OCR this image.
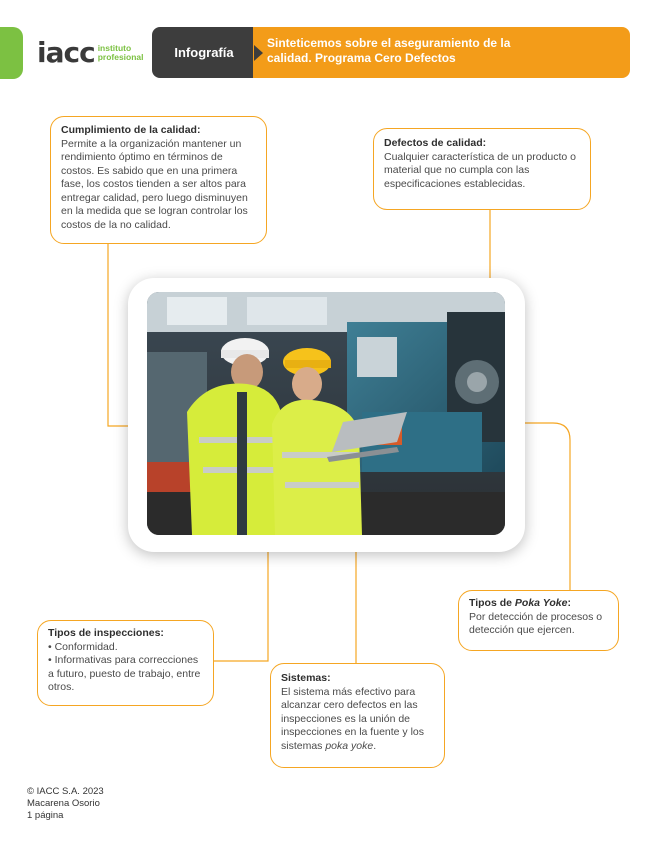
iacc instituto
profesional	Infografía
Sinteticemos sobre el aseguramiento de la
calidad. Programa Cero Defectos
Cumplimiento de la calidad:
Permite a la organización mantener un rendimiento óptimo en términos de costos. Es sabido que en una primera fase, los costos tienden a ser altos para entregar calidad, pero luego disminuyen en la medida que se logran controlar los costos de la no calidad.
Defectos de calidad:
Cualquier característica de un producto o material que no cumpla con las especificaciones establecidas.
Tipos de inspecciones:
• Conformidad.
• Informativas para correcciones a futuro, puesto de trabajo, entre otros.
Sistemas:
El sistema más efectivo para alcanzar cero defectos en las inspecciones es la unión de inspecciones en la fuente y los sistemas poka yoke.
Tipos de Poka Yoke:
Por detección de procesos o detección que ejercen.
© IACC S.A. 2023
Macarena Osorio
1 página
